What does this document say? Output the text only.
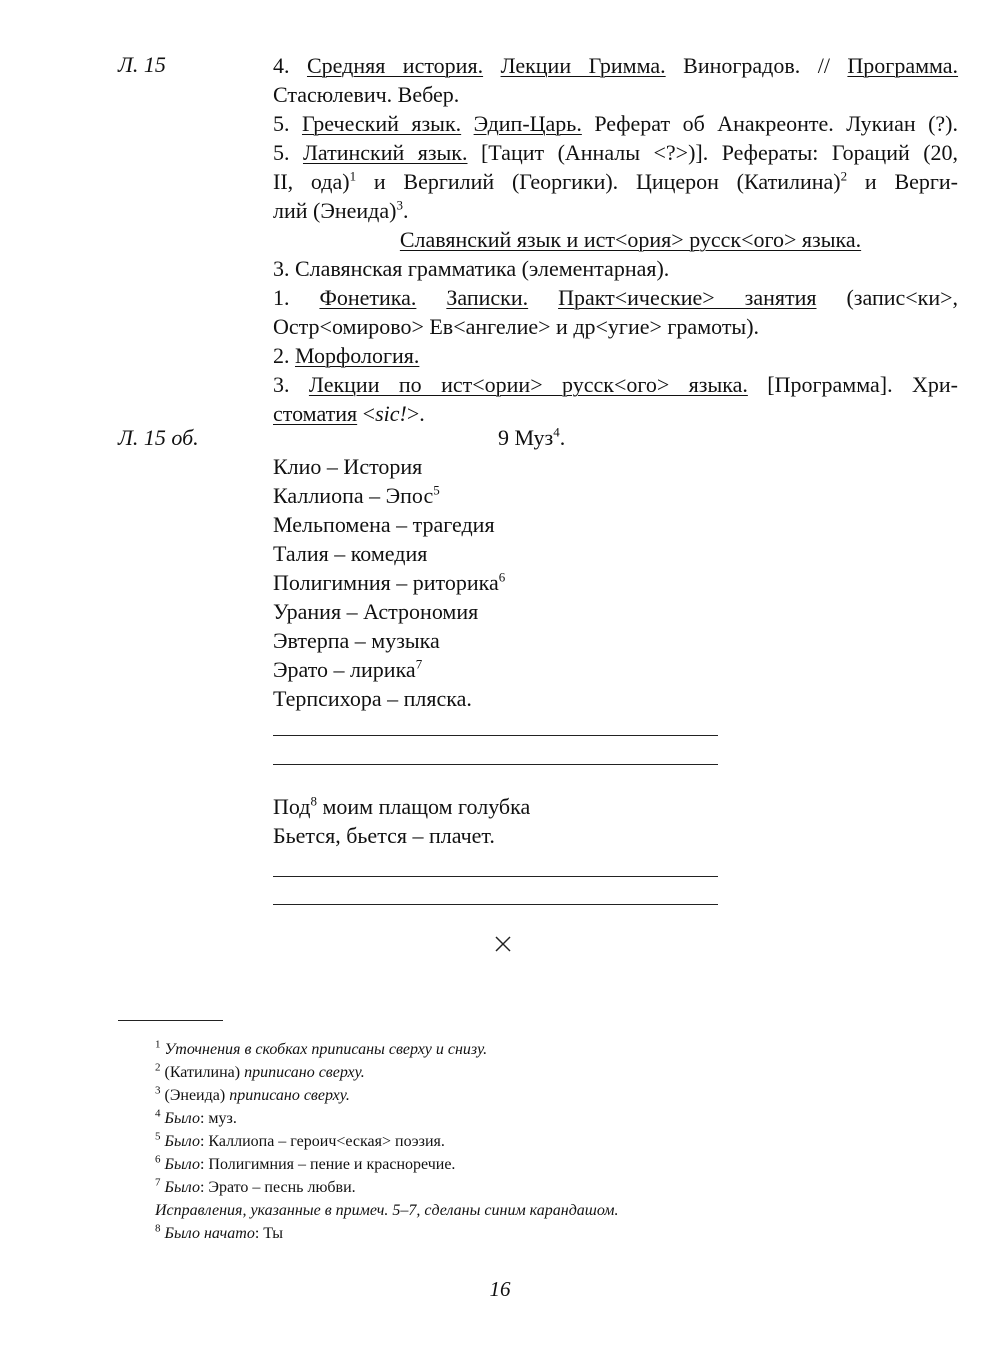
Л. 15
Л. 15 об.
4. Средняя история. Лекции Гримма. Виноградов. // Программа.
Стасюлевич. Вебер.
5. Греческий язык. Эдип-Царь. Реферат об Анакреонте. Лукиан (?).
5. Латинский язык. [Тацит (Анналы <?>)]. Рефераты: Гораций (20,
II, ода)$^1$ и Вергилий (Георгики). Цицерон (Катилина)$^2$ и Верги-
лий (Энеида)$^3$.
Славянский язык и ист<ория> русск<ого> языка.
3. Славянская грамматика (элементарная).
1. Фонетика. Записки. Практ<ические> занятия (запис<ки>,
Остр<омирово> Ев<ангелие> и др<угие> грамоты).
2. Морфология.
3. Лекции по ист<ории> русск<ого> языка. [Программа]. Хри-
стоматия <sic!>.
9 Муз$^4$.
Клио – История
Каллиопа – Эпос$^5$
Мельпомена – трагедия
Талия – комедия
Полигимния – риторика$^6$
Урания – Астрономия
Эвтерпа – музыка
Эрато – лирика$^7$
Терпсихора – пляска.
Под$^8$ моим плащом голубка
Бьется, бьется – плачет.
$^1$ Уточнения в скобках приписаны сверху и снизу.
$^2$ (Катилина) приписано сверху.
$^3$ (Энеида) приписано сверху.
$^4$ Было: муз.
$^5$ Было: Каллиопа – героич<еская> поэзия.
$^6$ Было: Полигимния – пение и красноречие.
$^7$ Было: Эрато – песнь любви.
Исправления, указанные в примеч. 5–7, сделаны синим карандашом.
$^8$ Было начато: Ты
16
